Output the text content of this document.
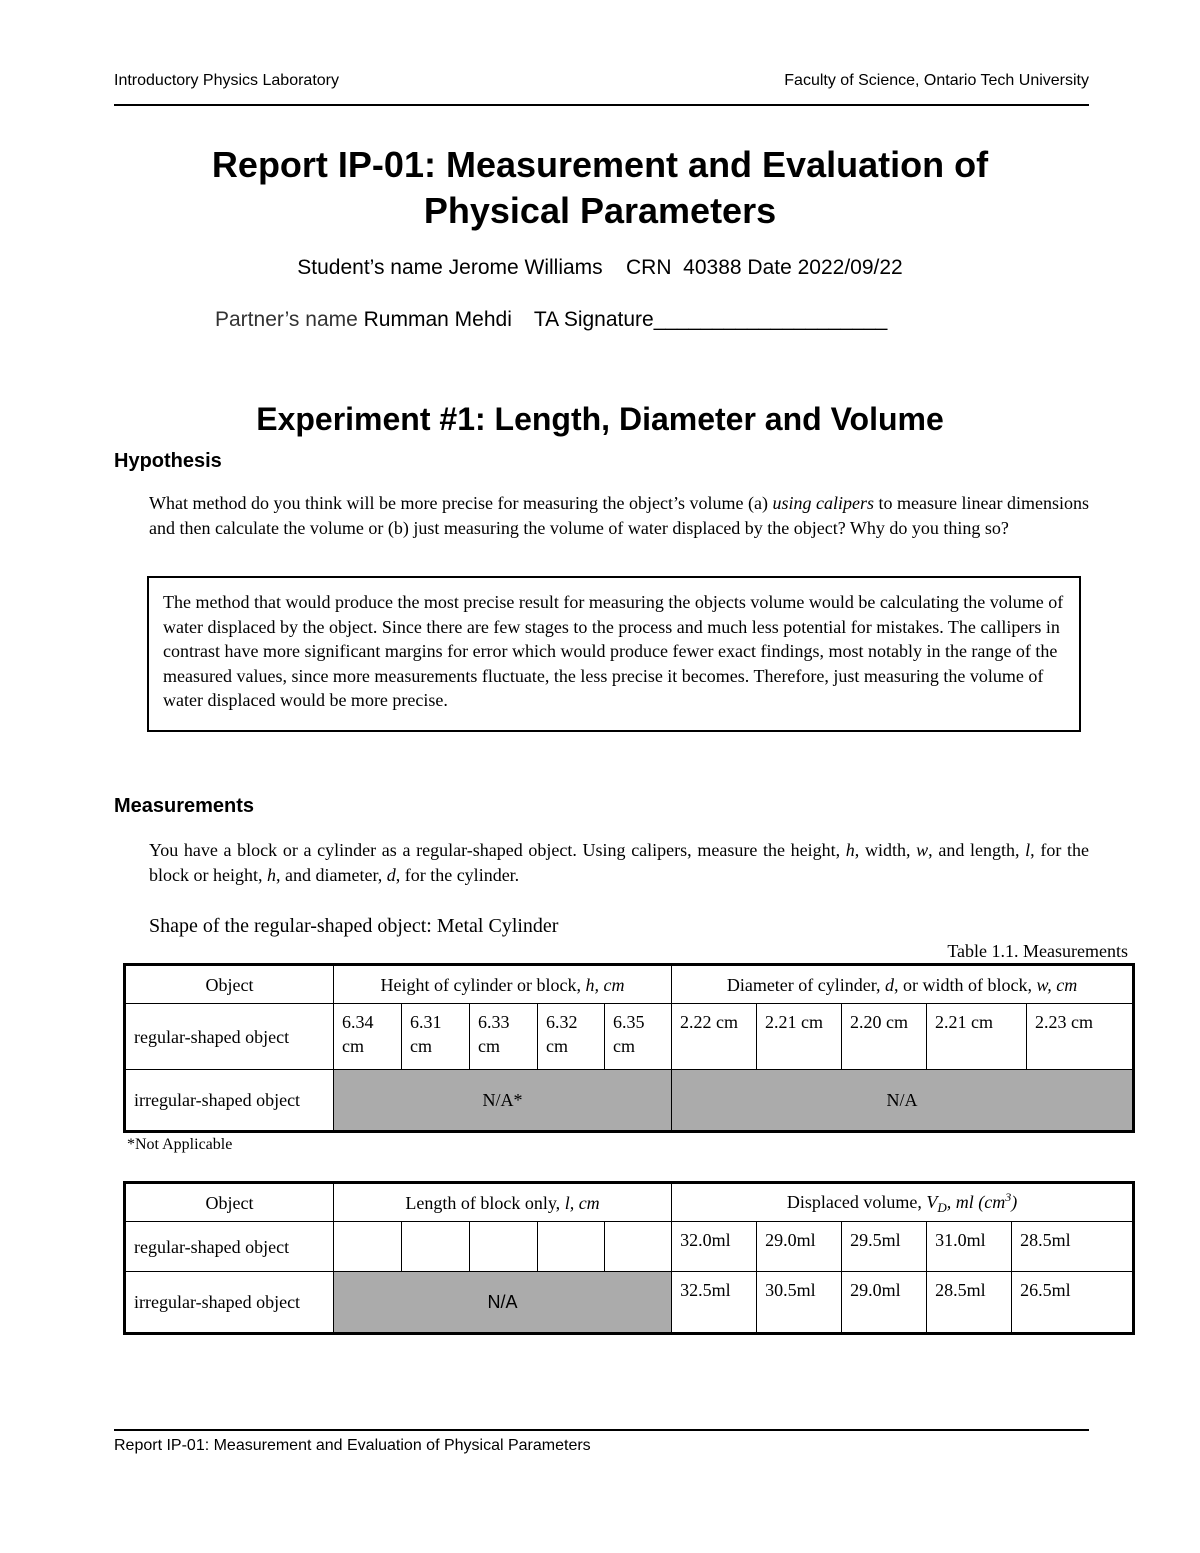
Introductory Physics Laboratory	Faculty of Science, Ontario Tech University
Report IP-01: Measurement and Evaluation of
Physical Parameters
Student’s name Jerome Williams    CRN  40388 Date 2022/09/22
Partner’s name Rumman Mehdi TA Signature____________________
Experiment #1: Length, Diameter and Volume
Hypothesis
What method do you think will be more precise for measuring the object’s volume (a) using calipers to measure linear dimensions and then calculate the volume or (b) just measuring the volume of water displaced by the object? Why do you thing so?
The method that would produce the most precise result for measuring the objects volume would be calculating the volume of water displaced by the object. Since there are few stages to the process and much less potential for mistakes. The callipers in contrast have more significant margins for error which would produce fewer exact findings, most notably in the range of the measured values, since more measurements fluctuate, the less precise it becomes. Therefore, just measuring the volume of water displaced would be more precise.
Measurements
You have a block or a cylinder as a regular-shaped object. Using calipers, measure the height, h, width, w, and length, l, for the block or height, h, and diameter, d, for the cylinder.
Shape of the regular-shaped object: Metal Cylinder
Table 1.1. Measurements
Object	Height of cylinder or block, h, cm					Diameter of cylinder, d, or width of block, w, cm				
regular-shaped object	6.34 cm	6.31 cm	6.33 cm	6.32 cm	6.35 cm	2.22 cm	2.21 cm	2.20 cm	2.21 cm	2.23 cm
irregular-shaped object	N/A*					N/A				
*Not Applicable
Object	Length of block only, l, cm					Displaced volume, $V_D$, ml $(cm^3)$				
regular-shaped object						32.0ml	29.0ml	29.5ml	31.0ml	28.5ml
irregular-shaped object	N/A					32.5ml	30.5ml	29.0ml	28.5ml	26.5ml
Report IP-01: Measurement and Evaluation of Physical Parameters
